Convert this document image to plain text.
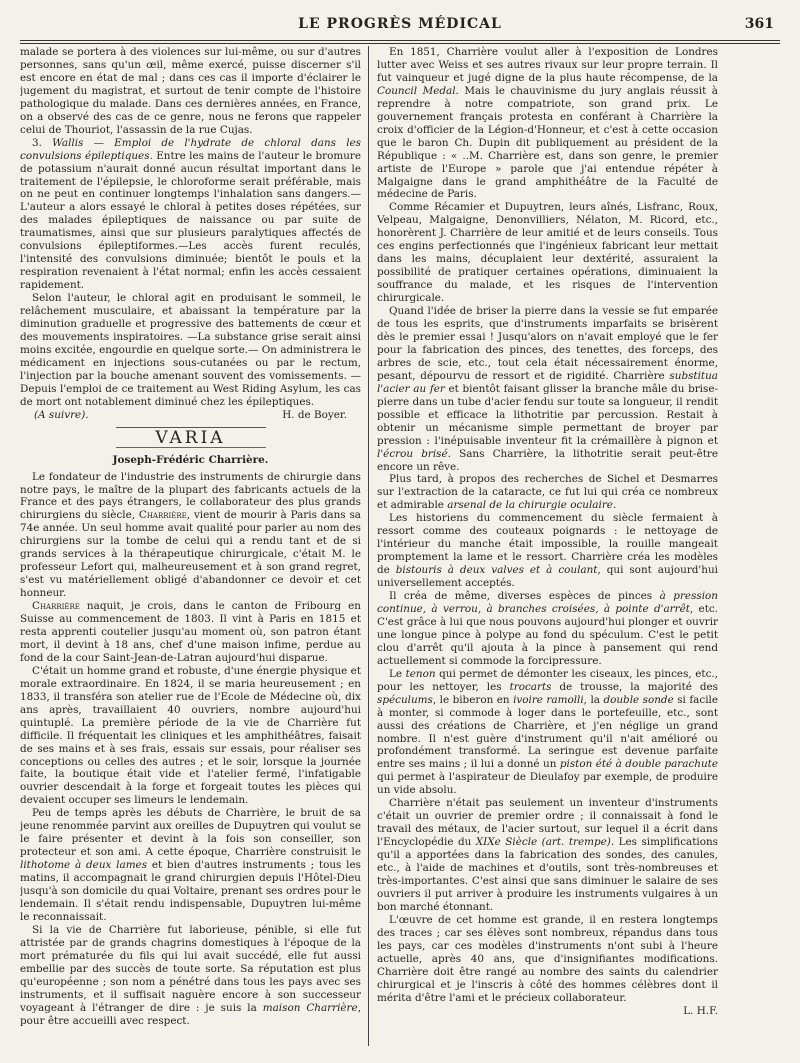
LE PROGRÈS MÉDICAL	361

malade se portera à des violences sur lui-même, ou sur d'autres personnes, sans qu'un œil, même exercé, puisse discerner s'il est encore en état de mal ; dans ces cas il importe d'éclairer le jugement du magistrat, et surtout de tenir compte de l'histoire pathologique du malade. Dans ces dernières années, en France, on a observé des cas de ce genre, nous ne ferons que rappeler celui de Thouriot, l'assassin de la rue Cujas.

3. Wallis — Emploi de l'hydrate de chloral dans les convulsions épileptiques. Entre les mains de l'auteur le bromure de potassium n'aurait donné aucun résultat important dans le traitement de l'épilepsie, le chloroforme serait préférable, mais on ne peut en continuer longtemps l'inhalation sans dangers.— L'auteur a alors essayé le chloral à petites doses répétées, sur des malades épileptiques de naissance ou par suite de traumatismes, ainsi que sur plusieurs paralytiques affectés de convulsions épileptiformes.—Les accès furent reculés, l'intensité des convulsions diminuée; bientôt le pouls et la respiration revenaient à l'état normal; enfin les accès cessaient rapidement.

Selon l'auteur, le chloral agit en produisant le sommeil, le relâchement musculaire, et abaissant la température par la diminution graduelle et progressive des battements de cœur et des mouvements inspiratoires. —La substance grise serait ainsi moins excitée, engourdie en quelque sorte.— On administrera le médicament en injections sous-cutanées ou par le rectum, l'injection par la bouche amenant souvent des vomissements. — Depuis l'emploi de ce traitement au West Riding Asylum, les cas de mort ont notablement diminué chez les épileptiques.

(A suivre).	H. de Boyer.
VARIA
Joseph-Frédéric Charrière.

Le fondateur de l'industrie des instruments de chirurgie dans notre pays, le maître de la plupart des fabricants actuels de la France et des pays étrangers, le collaborateur des plus grands chirurgiens du siècle, Charrière, vient de mourir à Paris dans sa 74e année. Un seul homme avait qualité pour parler au nom des chirurgiens sur la tombe de celui qui a rendu tant et de si grands services à la thérapeutique chirurgicale, c'était M. le professeur Lefort qui, malheureusement et à son grand regret, s'est vu matériellement obligé d'abandonner ce devoir et cet honneur.

Charrière naquit, je crois, dans le canton de Fribourg en Suisse au commencement de 1803. Il vint à Paris en 1815 et resta apprenti coutelier jusqu'au moment où, son patron étant mort, il devint à 18 ans, chef d'une maison infime, perdue au fond de la cour Saint-Jean-de-Latran aujourd'hui disparue.

C'était un homme grand et robuste, d'une énergie physique et morale extraordinaire. En 1824, il se maria heureusement ; en 1833, il transféra son atelier rue de l'Ecole de Médecine où, dix ans après, travaillaient 40 ouvriers, nombre aujourd'hui quintuplé. La première période de la vie de Charrière fut difficile. Il fréquentait les cliniques et les amphithéâtres, faisait de ses mains et à ses frais, essais sur essais, pour réaliser ses conceptions ou celles des autres ; et le soir, lorsque la journée faite, la boutique était vide et l'atelier fermé, l'infatigable ouvrier descendait à la forge et forgeait toutes les pièces qui devaient occuper ses limeurs le lendemain.

Peu de temps après les débuts de Charrière, le bruit de sa jeune renommée parvint aux oreilles de Dupuytren qui voulut se le faire présenter et devint à la fois son conseiller, son protecteur et son ami. A cette époque, Charrière construisit le lithotome à deux lames et bien d'autres instruments ; tous les matins, il accompagnait le grand chirurgien depuis l'Hôtel-Dieu jusqu'à son domicile du quai Voltaire, prenant ses ordres pour le lendemain. Il s'était rendu indispensable, Dupuytren lui-même le reconnaissait.

Si la vie de Charrière fut laborieuse, pénible, si elle fut attristée par de grands chagrins domestiques à l'époque de la mort prématurée du fils qui lui avait succédé, elle fut aussi embellie par des succès de toute sorte. Sa réputation est plus qu'européenne ; son nom a pénétré dans tous les pays avec ses instruments, et il suffisait naguère encore à son successeur voyageant à l'étranger de dire : je suis la maison Charrière, pour être accueilli avec respect.

En 1851, Charrière voulut aller à l'exposition de Londres lutter avec Weiss et ses autres rivaux sur leur propre terrain. Il fut vainqueur et jugé digne de la plus haute récompense, de la Council Medal. Mais le chauvinisme du jury anglais réussit à reprendre à notre compatriote, son grand prix. Le gouvernement français protesta en conférant à Charrière la croix d'officier de la Légion-d'Honneur, et c'est à cette occasion que le baron Ch. Dupin dit publiquement au président de la République : « ..M. Charrière est, dans son genre, le premier artiste de l'Europe » parole que j'ai entendue répéter à Malgaigne dans le grand amphithéâtre de la Faculté de médecine de Paris.

Comme Récamier et Dupuytren, leurs aînés, Lisfranc, Roux, Velpeau, Malgaigne, Denonvilliers, Nélaton, M. Ricord, etc., honorèrent J. Charrière de leur amitié et de leurs conseils. Tous ces engins perfectionnés que l'ingénieux fabricant leur mettait dans les mains, décuplaient leur dextérité, assuraient la possibilité de pratiquer certaines opérations, diminuaient la souffrance du malade, et les risques de l'intervention chirurgicale.

Quand l'idée de briser la pierre dans la vessie se fut emparée de tous les esprits, que d'instruments imparfaits se brisèrent dès le premier essai ! Jusqu'alors on n'avait employé que le fer pour la fabrication des pinces, des tenettes, des forceps, des arbres de scie, etc., tout cela était nécessairement énorme, pesant, dépourvu de ressort et de rigidité. Charrière substitua l'acier au fer et bientôt faisant glisser la branche mâle du brise-pierre dans un tube d'acier fendu sur toute sa longueur, il rendit possible et efficace la lithotritie par percussion. Restait à obtenir un mécanisme simple permettant de broyer par pression : l'inépuisable inventeur fit la crémaillère à pignon et l'écrou brisé. Sans Charrière, la lithotritie serait peut-être encore un rêve.

Plus tard, à propos des recherches de Sichel et Desmarres sur l'extraction de la cataracte, ce fut lui qui créa ce nombreux et admirable arsenal de la chirurgie oculaire.

Les historiens du commencement du siècle fermaient à ressort comme des couteaux poignards : le nettoyage de l'intérieur du manche était impossible, la rouille mangeait promptement la lame et le ressort. Charrière créa les modèles de bistouris à deux valves et à coulant, qui sont aujourd'hui universellement acceptés.

Il créa de même, diverses espèces de pinces à pression continue, à verrou, à branches croisées, à pointe d'arrêt, etc. C'est grâce à lui que nous pouvons aujourd'hui plonger et ouvrir une longue pince à polype au fond du spéculum. C'est le petit clou d'arrêt qu'il ajouta à la pince à pansement qui rend actuellement si commode la forcipressure.

Le tenon qui permet de démonter les ciseaux, les pinces, etc., pour les nettoyer, les trocarts de trousse, la majorité des spéculums, le biberon en ivoire ramolli, la double sonde si facile à monter, si commode à loger dans le portefeuille, etc., sont aussi des créations de Charrière, et j'en néglige un grand nombre. Il n'est guère d'instrument qu'il n'ait amélioré ou profondément transformé. La seringue est devenue parfaite entre ses mains ; il lui a donné un piston été à double parachute qui permet à l'aspirateur de Dieulafoy par exemple, de produire un vide absolu.

Charrière n'était pas seulement un inventeur d'instruments c'était un ouvrier de premier ordre ; il connaissait à fond le travail des métaux, de l'acier surtout, sur lequel il a écrit dans l'Encyclopédie du XIXe Siècle (art. trempe). Les simplifications qu'il a apportées dans la fabrication des sondes, des canules, etc., à l'aide de machines et d'outils, sont très-nombreuses et très-importantes. C'est ainsi que sans diminuer le salaire de ses ouvriers il put arriver à produire les instruments vulgaires à un bon marché étonnant.

L'œuvre de cet homme est grande, il en restera longtemps des traces ; car ses élèves sont nombreux, répandus dans tous les pays, car ces modèles d'instruments n'ont subi à l'heure actuelle, après 40 ans, que d'insignifiantes modifications. Charrière doit être rangé au nombre des saints du calendrier chirurgical et je l'inscris à côté des hommes célèbres dont il mérita d'être l'ami et le précieux collaborateur.

L. H.F.
